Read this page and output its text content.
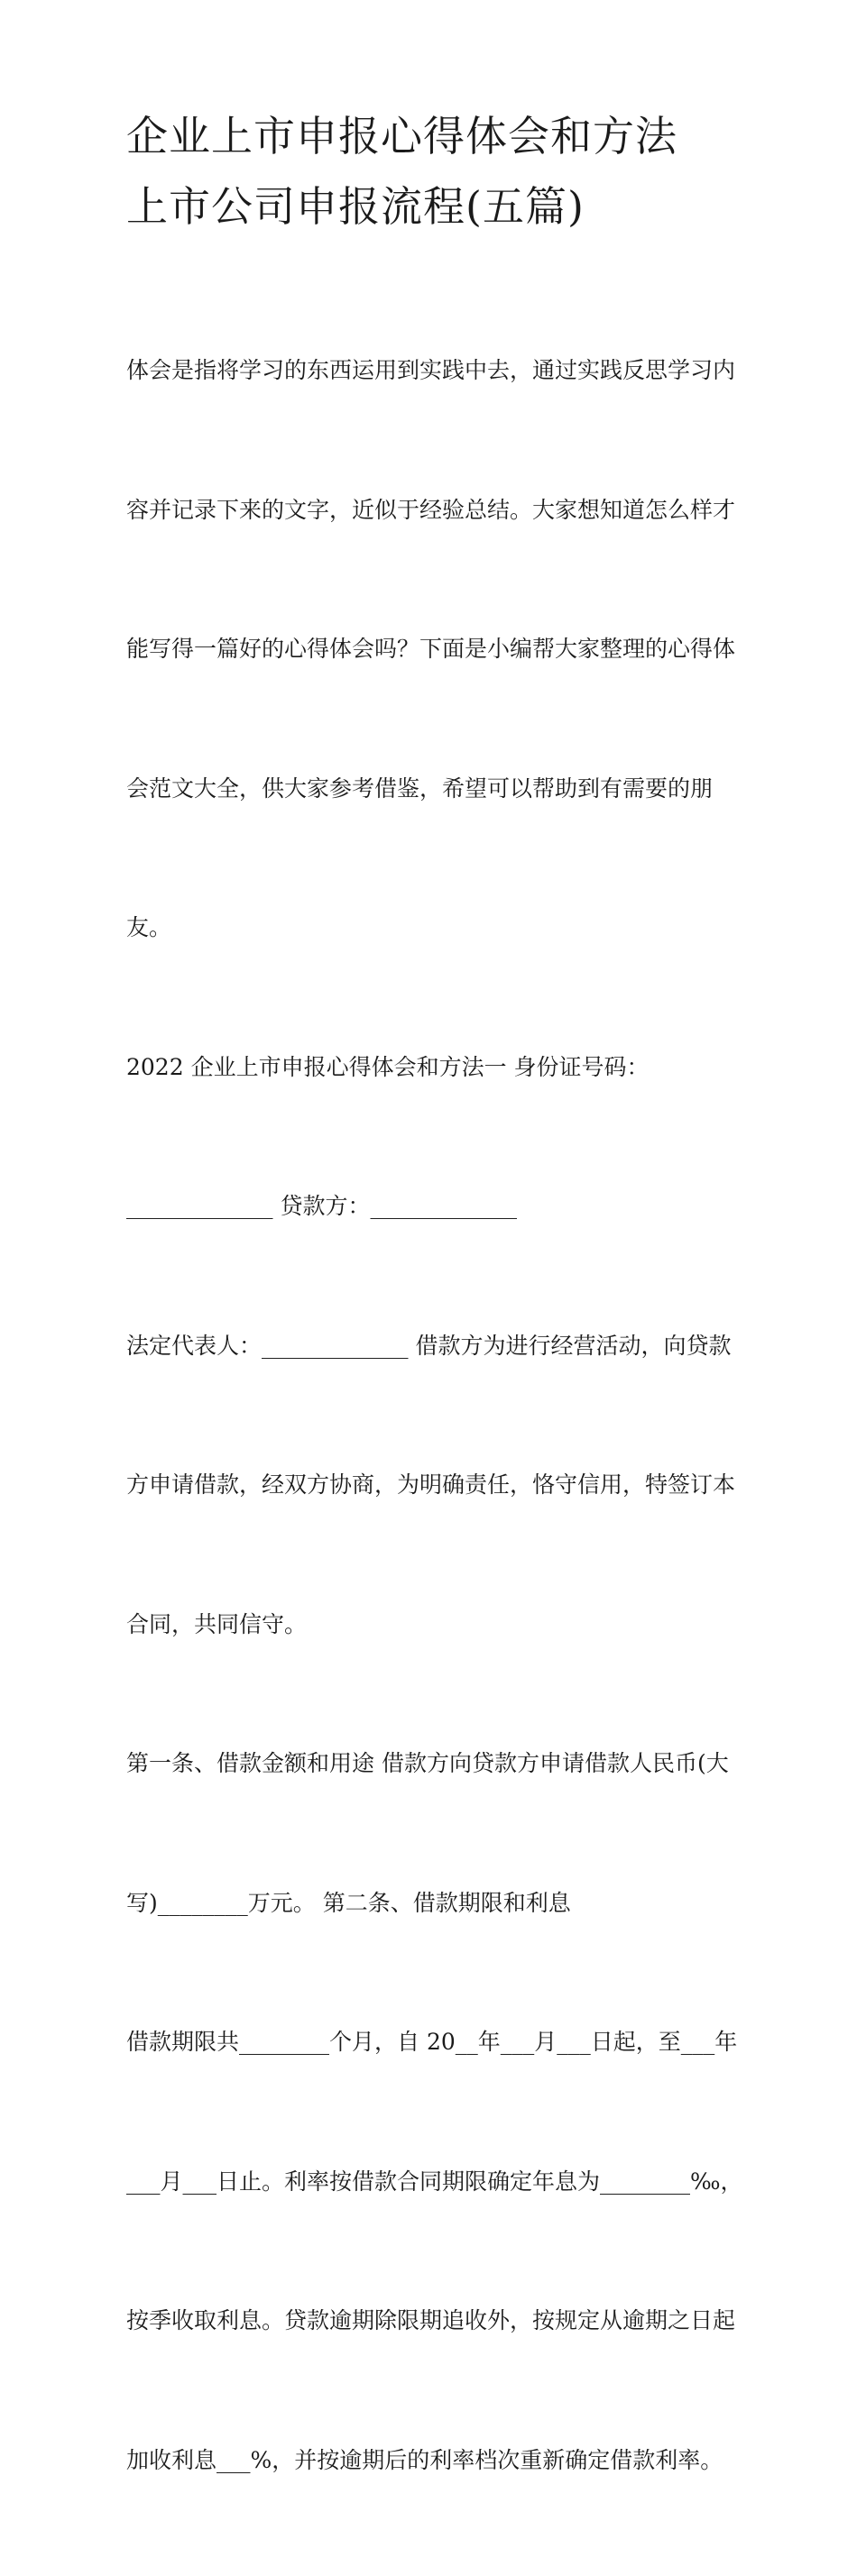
企业上市申报心得体会和方法
上市公司申报流程(五篇)

体会是指将学习的东西运用到实践中去，通过实践反思学习内

容并记录下来的文字，近似于经验总结。大家想知道怎么样才

能写得一篇好的心得体会吗？下面是小编帮大家整理的心得体

会范文大全，供大家参考借鉴，希望可以帮助到有需要的朋

友。

2022 企业上市申报心得体会和方法一 身份证号码：

_____________ 贷款方：_____________

法定代表人：_____________ 借款方为进行经营活动，向贷款

方申请借款，经双方协商，为明确责任，恪守信用，特签订本

合同，共同信守。

第一条、借款金额和用途 借款方向贷款方申请借款人民币(大

写)________万元。 第二条、借款期限和利息

借款期限共________个月，自 20__年___月___日起，至___年

___月___日止。利率按借款合同期限确定年息为________‰，

按季收取利息。贷款逾期除限期追收外，按规定从逾期之日起

加收利息___%，并按逾期后的利率档次重新确定借款利率。
